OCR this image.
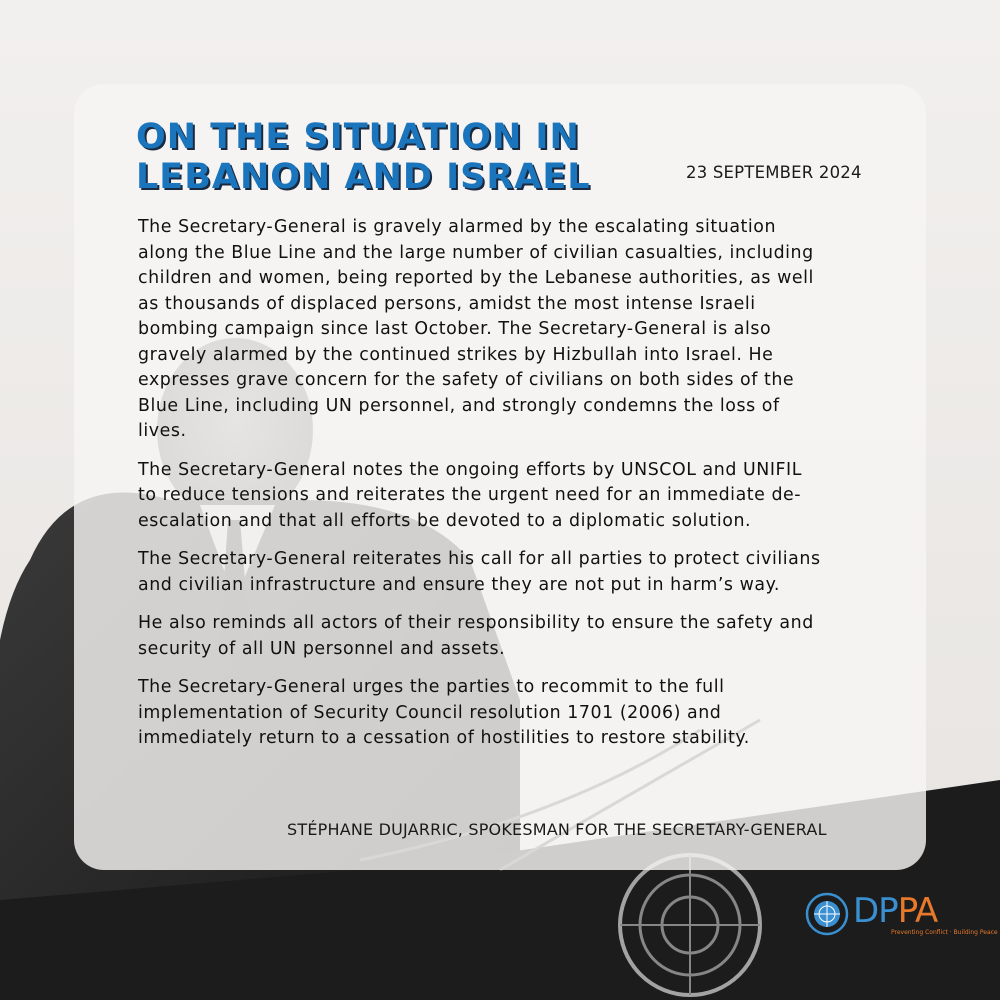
ON THE SITUATION IN
LEBANON AND ISRAEL	23 SEPTEMBER 2024

The Secretary-General is gravely alarmed by the escalating situation
along the Blue Line and the large number of civilian casualties, including
children and women, being reported by the Lebanese authorities, as well
as thousands of displaced persons, amidst the most intense Israeli
bombing campaign since last October. The Secretary-General is also
gravely alarmed by the continued strikes by Hizbullah into Israel. He
expresses grave concern for the safety of civilians on both sides of the
Blue Line, including UN personnel, and strongly condemns the loss of
lives.

The Secretary-General notes the ongoing efforts by UNSCOL and UNIFIL
to reduce tensions and reiterates the urgent need for an immediate de-
escalation and that all efforts be devoted to a diplomatic solution.

The Secretary-General reiterates his call for all parties to protect civilians
and civilian infrastructure and ensure they are not put in harm’s way.

He also reminds all actors of their responsibility to ensure the safety and
security of all UN personnel and assets.

The Secretary-General urges the parties to recommit to the full
implementation of Security Council resolution 1701 (2006) and
immediately return to a cessation of hostilities to restore stability.

STÉPHANE DUJARRIC, SPOKESMAN FOR THE SECRETARY-GENERAL
DPPA
Preventing Conflict · Building Peace
